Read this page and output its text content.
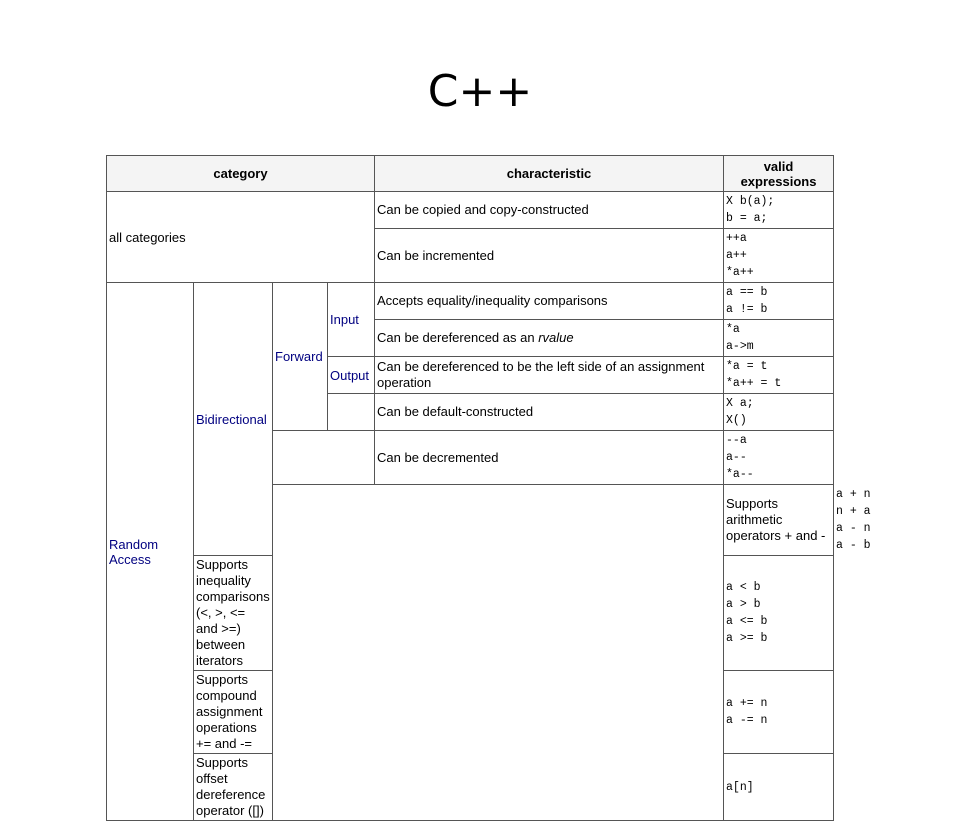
C++
category				characteristic	valid expressions	
all categories				Can be copied and copy-constructed	X b(a);
b = a;	

				Can be incremented	++a
a++
*a++	

Random Access	Bidirectional	Forward	Input	Accepts equality/inequality comparisons	a == b
a != b	

				Can be dereferenced as an rvalue	*a
a->m	

			Output	Can be dereferenced to be the left side of an assignment operation	*a = t
*a++ = t	

				Can be default-constructed	X a;
X()	

				Can be decremented	--a
a--
*a--	

					Supports arithmetic operators + and -	a + n
n + a
a - n
a - b

	Supports inequality comparisons (<, >, <= and >=) between iterators				a < b
a > b
a <= b
a >= b	

	Supports compound assignment operations += and -=				a += n
a -= n	

	Supports offset dereference operator ([])				a[n]	
